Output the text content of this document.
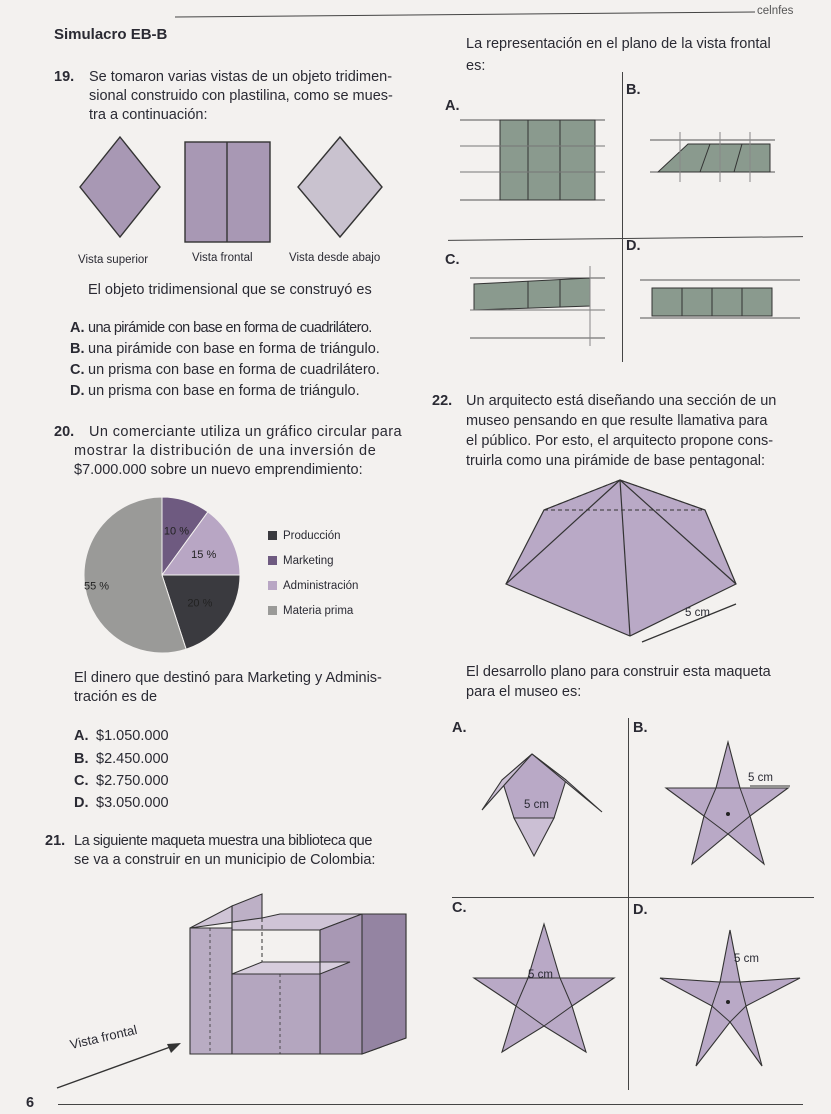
Simulacro EB-B
celnfes
19. Se tomaron varias vistas de un objeto tridimen-
sional construido con plastilina, como se mues-
tra a continuación:
Vista superior	Vista frontal	Vista desde abajo
El objeto tridimensional que se construyó es
A. una pirámide con base en forma de cuadrilátero.
B. una pirámide con base en forma de triángulo.
C. un prisma con base en forma de cuadrilátero.
D. un prisma con base en forma de triángulo.
20. Un comerciante utiliza un gráfico circular para
mostrar la distribución de una inversión de
$7.000.000 sobre un nuevo emprendimiento:
10 %
15 %
20 %
55 %
Producción
Marketing
Administración
Materia prima
El dinero que destinó para Marketing y Adminis-
tración es de
A. $1.050.000
B. $2.450.000
C. $2.750.000
D. $3.050.000
21. La siguiente maqueta muestra una biblioteca que
se va a construir en un municipio de Colombia:
Vista frontal
La representación en el plano de la vista frontal
es:
A.
B.
C.
D.
22. Un arquitecto está diseñando una sección de un
museo pensando en que resulte llamativa para
el público. Por esto, el arquitecto propone cons-
truirla como una pirámide de base pentagonal:
5 cm
El desarrollo plano para construir esta maqueta
para el museo es:
A.	B.
C.	D.
5 cm
5 cm
5 cm
5 cm
6
